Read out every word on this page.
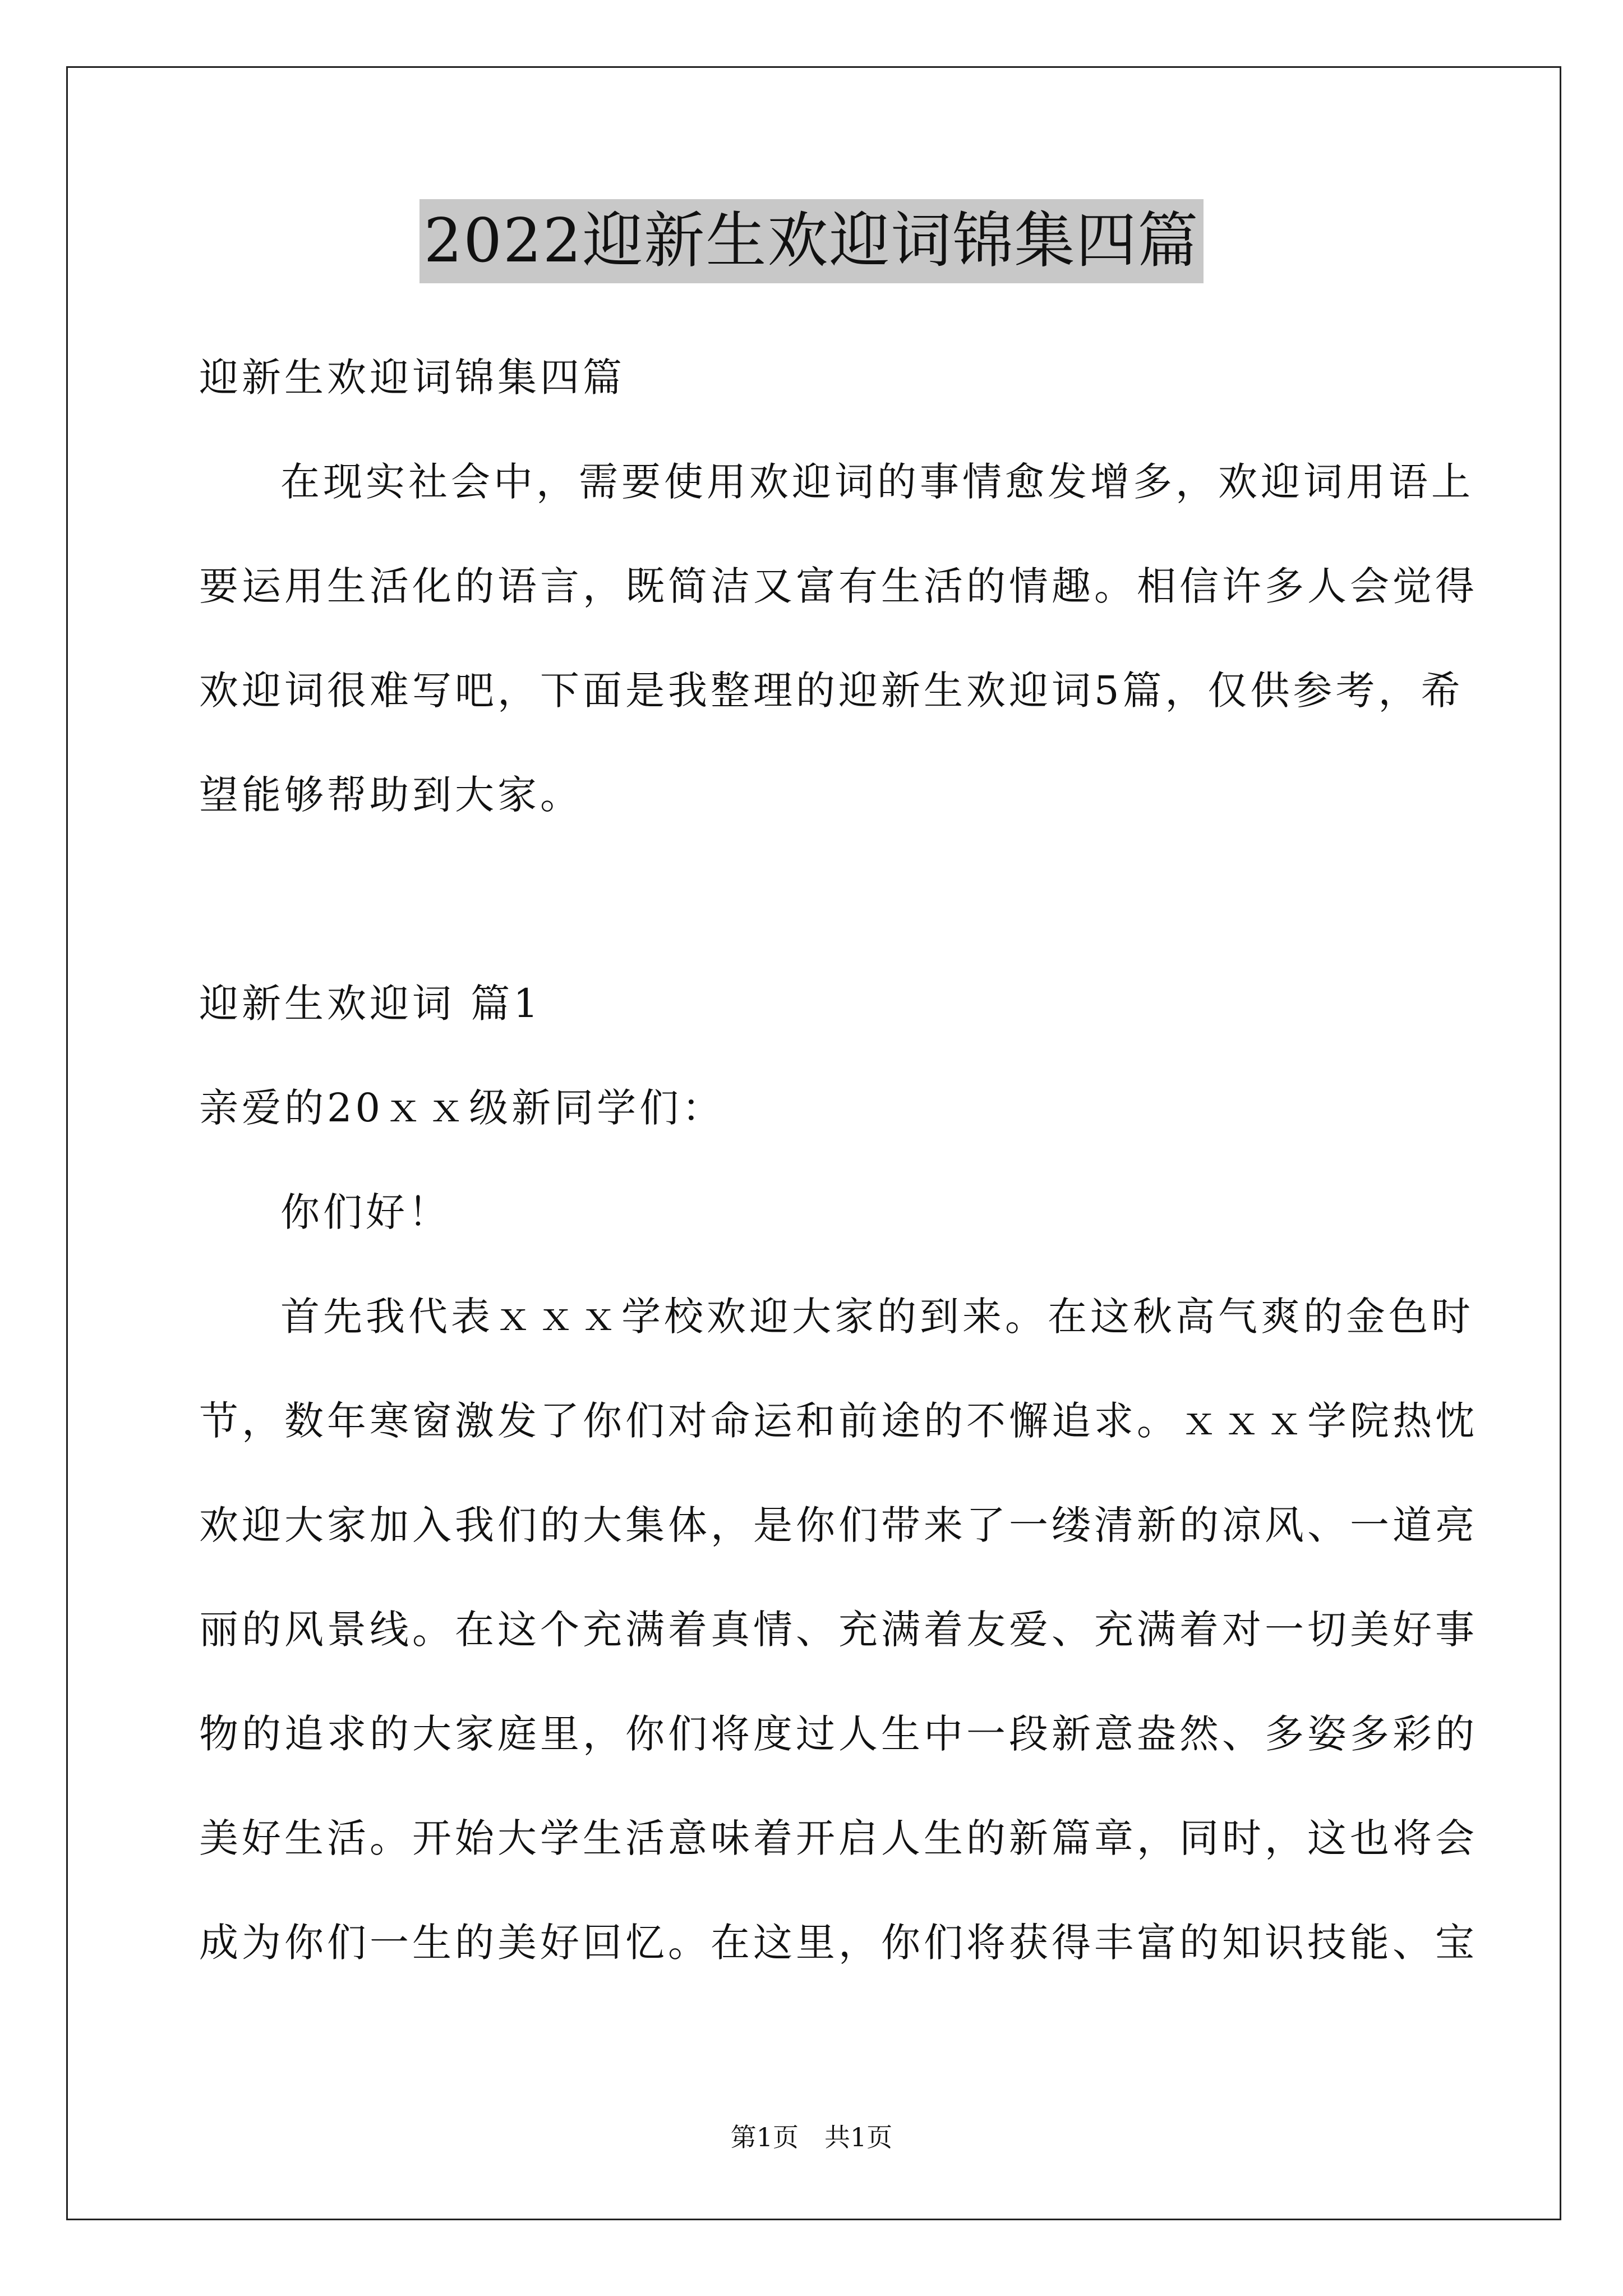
2022迎新生欢迎词锦集四篇
迎新生欢迎词锦集四篇
在现实社会中，需要使用欢迎词的事情愈发增多，欢迎词用语上
要运用生活化的语言，既简洁又富有生活的情趣。相信许多人会觉得
欢迎词很难写吧，下面是我整理的迎新生欢迎词5篇，仅供参考，希
望能够帮助到大家。
迎新生欢迎词 篇1
亲爱的20ｘｘ级新同学们：
你们好！
首先我代表ｘｘｘ学校欢迎大家的到来。在这秋高气爽的金色时
节，数年寒窗激发了你们对命运和前途的不懈追求。ｘｘｘ学院热忱
欢迎大家加入我们的大集体，是你们带来了一缕清新的凉风、一道亮
丽的风景线。在这个充满着真情、充满着友爱、充满着对一切美好事
物的追求的大家庭里，你们将度过人生中一段新意盎然、多姿多彩的
美好生活。开始大学生活意味着开启人生的新篇章，同时，这也将会
成为你们一生的美好回忆。在这里，你们将获得丰富的知识技能、宝
第1页　共1页
